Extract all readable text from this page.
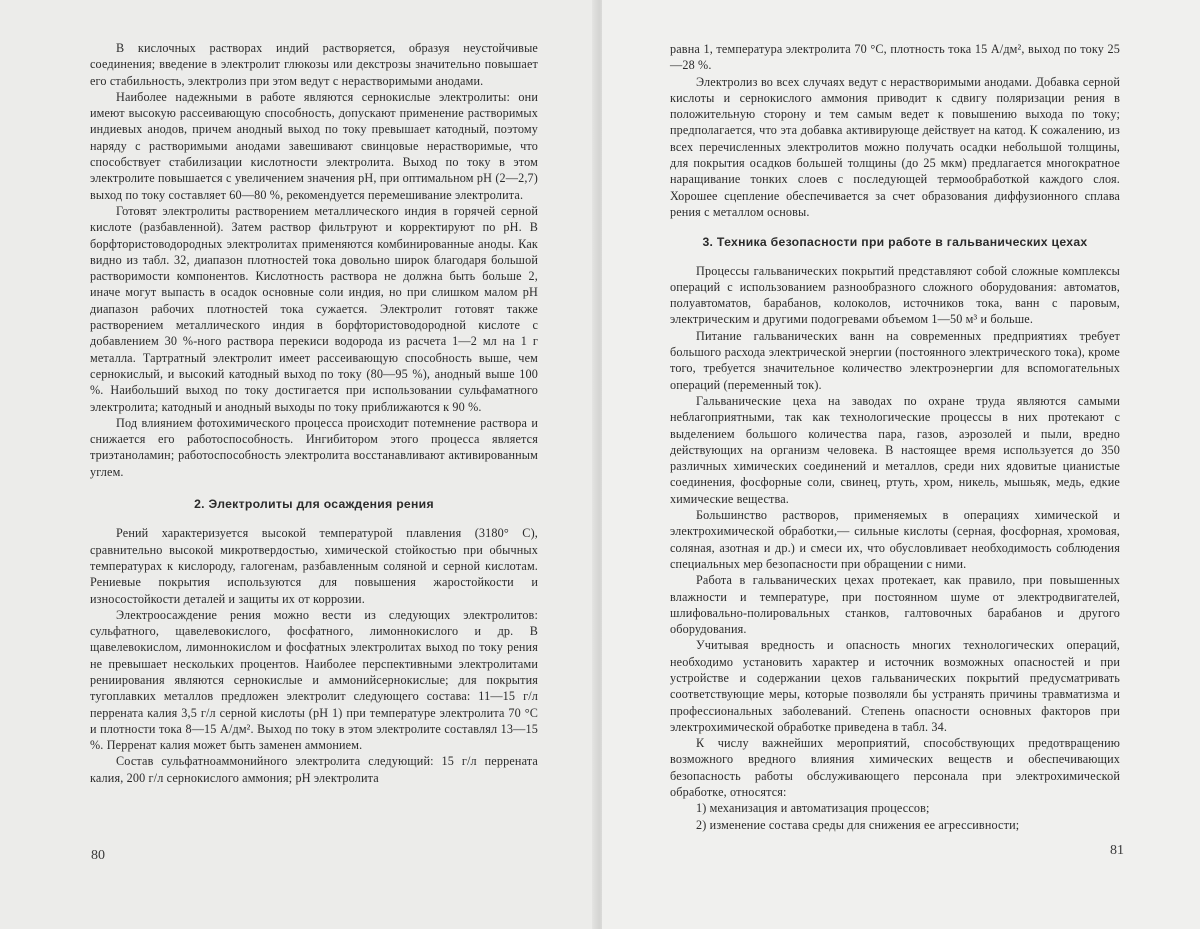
В кислочных растворах индий растворяется, образуя неустойчивые соединения; введение в электролит глюкозы или декстрозы значительно повышает его стабильность, электролиз при этом ведут с нерастворимыми анодами.

Наиболее надежными в работе являются сернокислые электролиты: они имеют высокую рассеивающую способность, допускают применение растворимых индиевых анодов, причем анодный выход по току превышает катодный, поэтому наряду с растворимыми анодами завешивают свинцовые нерастворимые, что способствует стабилизации кислотности электролита. Выход по току в этом электролите повышается с увеличением значения pH, при оптимальном pH (2—2,7) выход по току составляет 60—80 %, рекомендуется перемешивание электролита.

Готовят электролиты растворением металлического индия в горячей серной кислоте (разбавленной). Затем раствор фильтруют и корректируют по pH. В борфтористоводородных электролитах применяются комбинированные аноды. Как видно из табл. 32, диапазон плотностей тока довольно широк благодаря большой растворимости компонентов. Кислотность раствора не должна быть больше 2, иначе могут выпасть в осадок основные соли индия, но при слишком малом pH диапазон рабочих плотностей тока сужается. Электролит готовят также растворением металлического индия в борфтористоводородной кислоте с добавлением 30 %-ного раствора перекиси водорода из расчета 1—2 мл на 1 г металла. Тартратный электролит имеет рассеивающую способность выше, чем сернокислый, и высокий катодный выход по току (80—95 %), анодный выше 100 %. Наибольший выход по току достигается при использовании сульфаматного электролита; катодный и анодный выходы по току приближаются к 90 %.

Под влиянием фотохимического процесса происходит потемнение раствора и снижается его работоспособность. Ингибитором этого процесса является триэтаноламин; работоспособность электролита восстанавливают активированным углем.

2. Электролиты для осаждения рения

Рений характеризуется высокой температурой плавления (3180° С), сравнительно высокой микротвердостью, химической стойкостью при обычных температурах к кислороду, галогенам, разбавленным соляной и серной кислотам. Рениевые покрытия используются для повышения жаростойкости и износостойкости деталей и защиты их от коррозии.

Электроосаждение рения можно вести из следующих электролитов: сульфатного, щавелевокислого, фосфатного, лимоннокислого и др. В щавелевокислом, лимоннокислом и фосфатных электролитах выход по току рения не превышает нескольких процентов. Наиболее перспективными электролитами рениирования являются сернокислые и аммонийсернокислые; для покрытия тугоплавких металлов предложен электролит следующего состава: 11—15 г/л перрената калия 3,5 г/л серной кислоты (pH 1) при температуре электролита 70 °С и плотности тока 8—15 А/дм². Выход по току в этом электролите составлял 13—15 %. Перренат калия может быть заменен аммонием.

Состав сульфатноаммонийного электролита следующий: 15 г/л перрената калия, 200 г/л сернокислого аммония; pH электролита

80

равна 1, температура электролита 70 °С, плотность тока 15 А/дм², выход по току 25—28 %.

Электролиз во всех случаях ведут с нерастворимыми анодами. Добавка серной кислоты и сернокислого аммония приводит к сдвигу поляризации рения в положительную сторону и тем самым ведет к повышению выхода по току; предполагается, что эта добавка активирующе действует на катод. К сожалению, из всех перечисленных электролитов можно получать осадки небольшой толщины, для покрытия осадков большей толщины (до 25 мкм) предлагается многократное наращивание тонких слоев с последующей термообработкой каждого слоя. Хорошее сцепление обеспечивается за счет образования диффузионного сплава рения с металлом основы.

3. Техника безопасности при работе в гальванических цехах

Процессы гальванических покрытий представляют собой сложные комплексы операций с использованием разнообразного сложного оборудования: автоматов, полуавтоматов, барабанов, колоколов, источников тока, ванн с паровым, электрическим и другими подогревами объемом 1—50 м³ и больше.

Питание гальванических ванн на современных предприятиях требует большого расхода электрической энергии (постоянного электрического тока), кроме того, требуется значительное количество электроэнергии для вспомогательных операций (переменный ток).

Гальванические цеха на заводах по охране труда являются самыми неблагоприятными, так как технологические процессы в них протекают с выделением большого количества пара, газов, аэрозолей и пыли, вредно действующих на организм человека. В настоящее время используется до 350 различных химических соединений и металлов, среди них ядовитые цианистые соединения, фосфорные соли, свинец, ртуть, хром, никель, мышьяк, медь, едкие химические вещества.

Большинство растворов, применяемых в операциях химической и электрохимической обработки,— сильные кислоты (серная, фосфорная, хромовая, соляная, азотная и др.) и смеси их, что обусловливает необходимость соблюдения специальных мер безопасности при обращении с ними.

Работа в гальванических цехах протекает, как правило, при повышенных влажности и температуре, при постоянном шуме от электродвигателей, шлифовально-полировальных станков, галтовочных барабанов и другого оборудования.

Учитывая вредность и опасность многих технологических операций, необходимо установить характер и источник возможных опасностей и при устройстве и содержании цехов гальванических покрытий предусматривать соответствующие меры, которые позволяли бы устранять причины травматизма и профессиональных заболеваний. Степень опасности основных факторов при электрохимической обработке приведена в табл. 34.

К числу важнейших мероприятий, способствующих предотвращению возможного вредного влияния химических веществ и обеспечивающих безопасность работы обслуживающего персонала при электрохимической обработке, относятся:

1) механизация и автоматизация процессов;

2) изменение состава среды для снижения ее агрессивности;

81
